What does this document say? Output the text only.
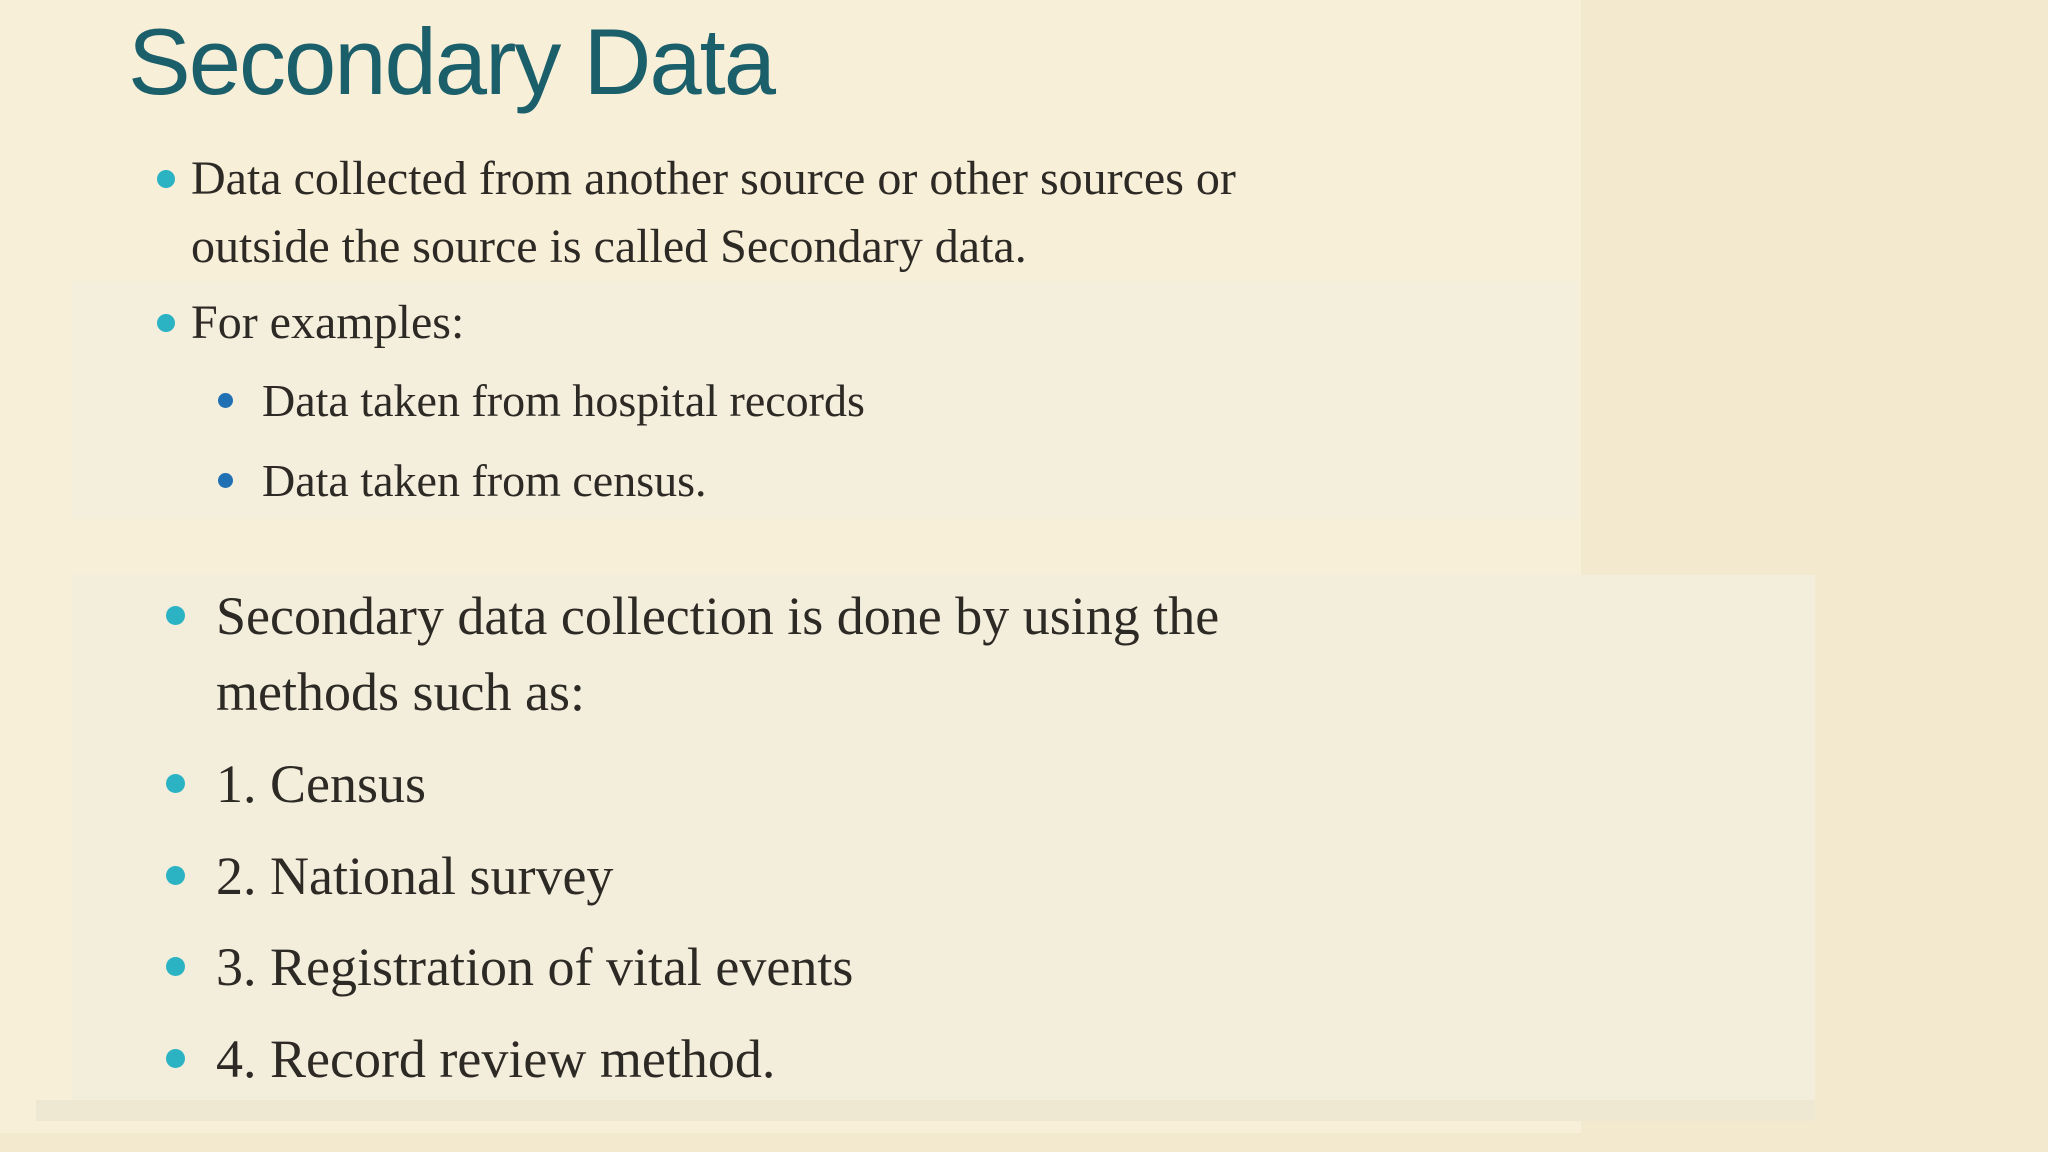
Secondary Data
Data collected from another source or other sources or
outside the source is called Secondary data.
For examples:
Data taken from hospital records
Data taken from census.
Secondary data collection is done by using the
methods such as:
1. Census
2. National survey
3. Registration of vital events
4. Record review method.
